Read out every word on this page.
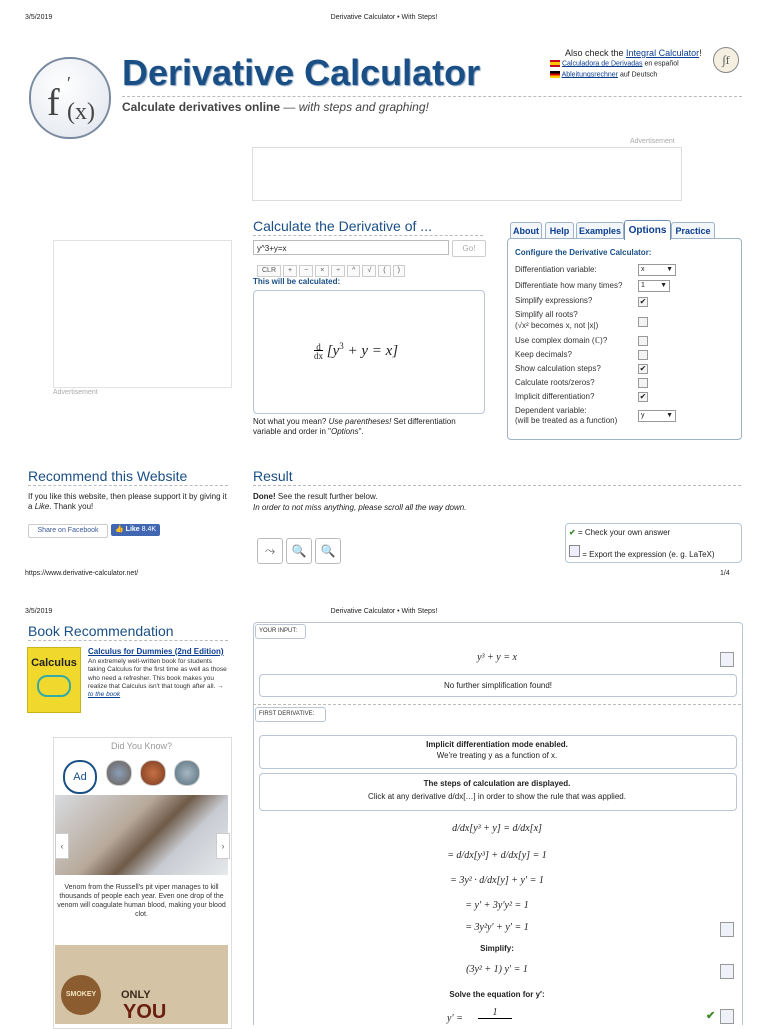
3/5/2019	Derivative Calculator • With Steps!
f (x)
′ Derivative Calculator
Calculate derivatives online — with steps and graphing!
Also check the Integral Calculator!
Calculadora de Derivadas en español
Ableitungsrechner auf Deutsch
∫f
Advertisement
Advertisement
Calculate the Derivative of ...
y^3+y=x	Go!
CLR + − × ÷ ^ √ ( )
This will be calculated:
d
dx $[y^3 + y = x]$
Not what you mean? Use parentheses! Set differentiation variable and order in "Options".
About	Help	Examples Options	Practice
Configure the Derivative Calculator:
Differentiation variable:	x	▼
Differentiate how many times?	1 ▼
Simplify expressions?	✔
Simplify all roots?
(√x² becomes x, not |x|)
Use complex domain (ℂ)?
Keep decimals?
Show calculation steps?	✔
Calculate roots/zeros?
Implicit differentiation?	✔
Dependent variable:
(will be treated as a function)
y	▼
Recommend this Website
If you like this website, then please support it by giving it a Like. Thank you!
Share on Facebook	👍 Like 8.4K
Result
Done! See the result further below.
In order to not miss anything, please scroll all the way down.
✔ = Check your own answer
= Export the expression (e. g. LaTeX)
⤳	🔍	🔍
https://www.derivative-calculator.net/	1/4
3/5/2019	Derivative Calculator • With Steps!
Book Recommendation
Calculus
Calculus for Dummies (2nd Edition)
An extremely well-written book for students taking Calculus for the first time as well as those who need a refresher. This book makes you realize that Calculus isn't that tough after all. → to the book
Did You Know?
Ad
‹	›
Venom from the Russell's pit viper manages to kill thousands of people each year. Even one drop of the venom will coagulate human blood, making your blood clot.
SMOKEY	ONLY
YOU
YOUR INPUT:
y³ + y = x
No further simplification found!
FIRST DERIVATIVE:
Implicit differentiation mode enabled.
We're treating y as a function of x.
The steps of calculation are displayed.
Click at any derivative d/dx[…] in order to show the rule that was applied.
d/dx[y³ + y] = d/dx[x]
= d/dx[y³] + d/dx[y] = 1
= 3y² · d/dx[y] + y′ = 1
= y′ + 3y′y² = 1
= 3y²y′ + y′ = 1
Simplify:
(3y² + 1) y′ = 1
Solve the equation for y′:
y′ =
1	✔
